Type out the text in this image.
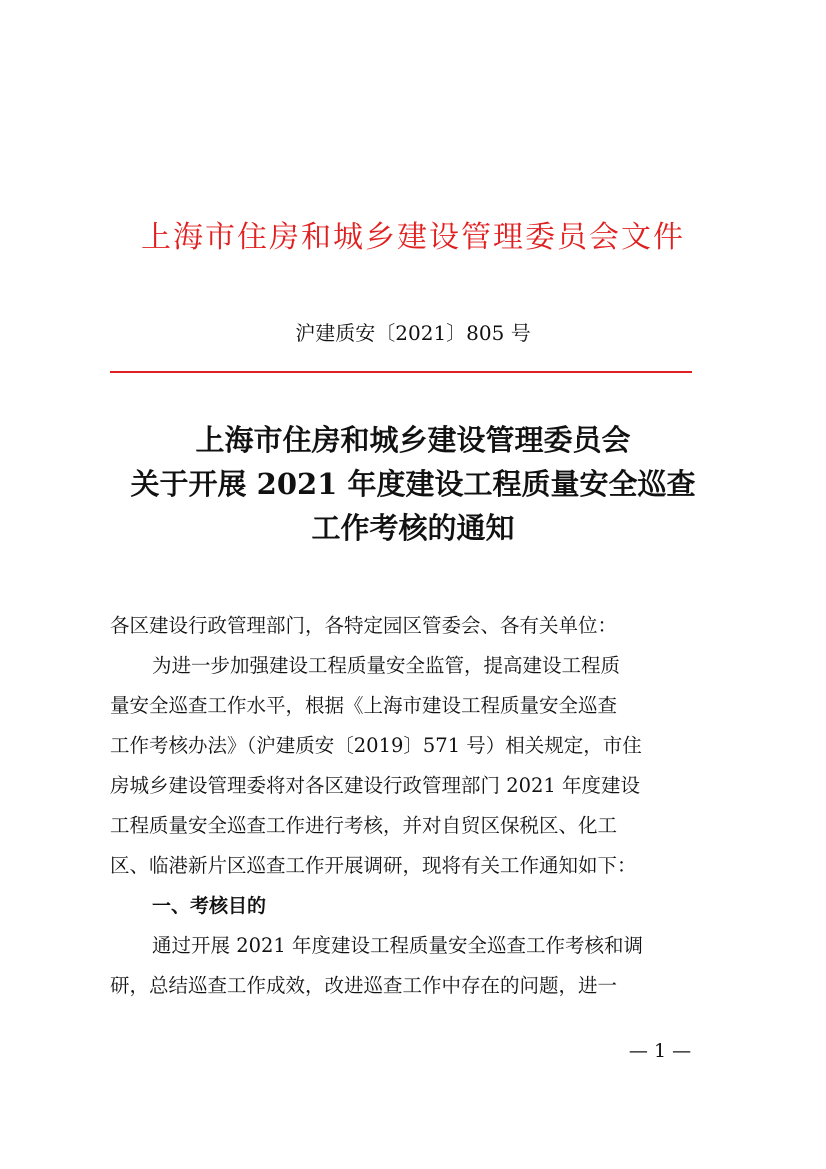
上海市住房和城乡建设管理委员会文件
沪建质安〔2021〕805 号
上海市住房和城乡建设管理委员会
关于开展 2021 年度建设工程质量安全巡查
工作考核的通知
各区建设行政管理部门，各特定园区管委会、各有关单位：
为进一步加强建设工程质量安全监管，提高建设工程质
量安全巡查工作水平，根据《上海市建设工程质量安全巡查
工作考核办法》（沪建质安〔2019〕571 号）相关规定，市住
房城乡建设管理委将对各区建设行政管理部门 2021 年度建设
工程质量安全巡查工作进行考核，并对自贸区保税区、化工
区、临港新片区巡查工作开展调研，现将有关工作通知如下：
一、考核目的
通过开展 2021 年度建设工程质量安全巡查工作考核和调
研，总结巡查工作成效，改进巡查工作中存在的问题，进一
— 1 —
